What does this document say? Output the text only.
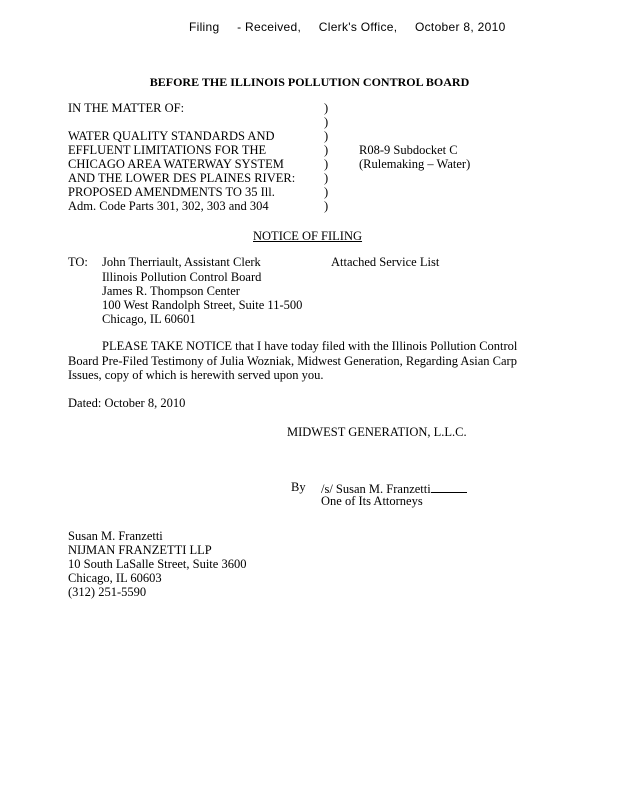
Filing - Received, Clerk's Office, October 8, 2010
BEFORE THE ILLINOIS POLLUTION CONTROL BOARD
IN THE MATTER OF:
WATER QUALITY STANDARDS AND
EFFLUENT LIMITATIONS FOR THE
CHICAGO AREA WATERWAY SYSTEM
AND THE LOWER DES PLAINES RIVER:
PROPOSED AMENDMENTS TO 35 Ill.
Adm. Code Parts 301, 302, 303 and 304
)
)
)
)
)
)
)
)
R08-9 Subdocket C
(Rulemaking – Water)
NOTICE OF FILING
TO: John Therriault, Assistant Clerk
Illinois Pollution Control Board
James R. Thompson Center
100 West Randolph Street, Suite 11-500
Chicago, IL 60601
Attached Service List
PLEASE TAKE NOTICE that I have today filed with the Illinois Pollution Control
Board Pre-Filed Testimony of Julia Wozniak, Midwest Generation, Regarding Asian Carp
Issues, copy of which is herewith served upon you.
Dated: October 8, 2010
MIDWEST GENERATION, L.L.C.
By /s/ Susan M. Franzetti
One of Its Attorneys
Susan M. Franzetti
NIJMAN FRANZETTI LLP
10 South LaSalle Street, Suite 3600
Chicago, IL 60603
(312) 251-5590
